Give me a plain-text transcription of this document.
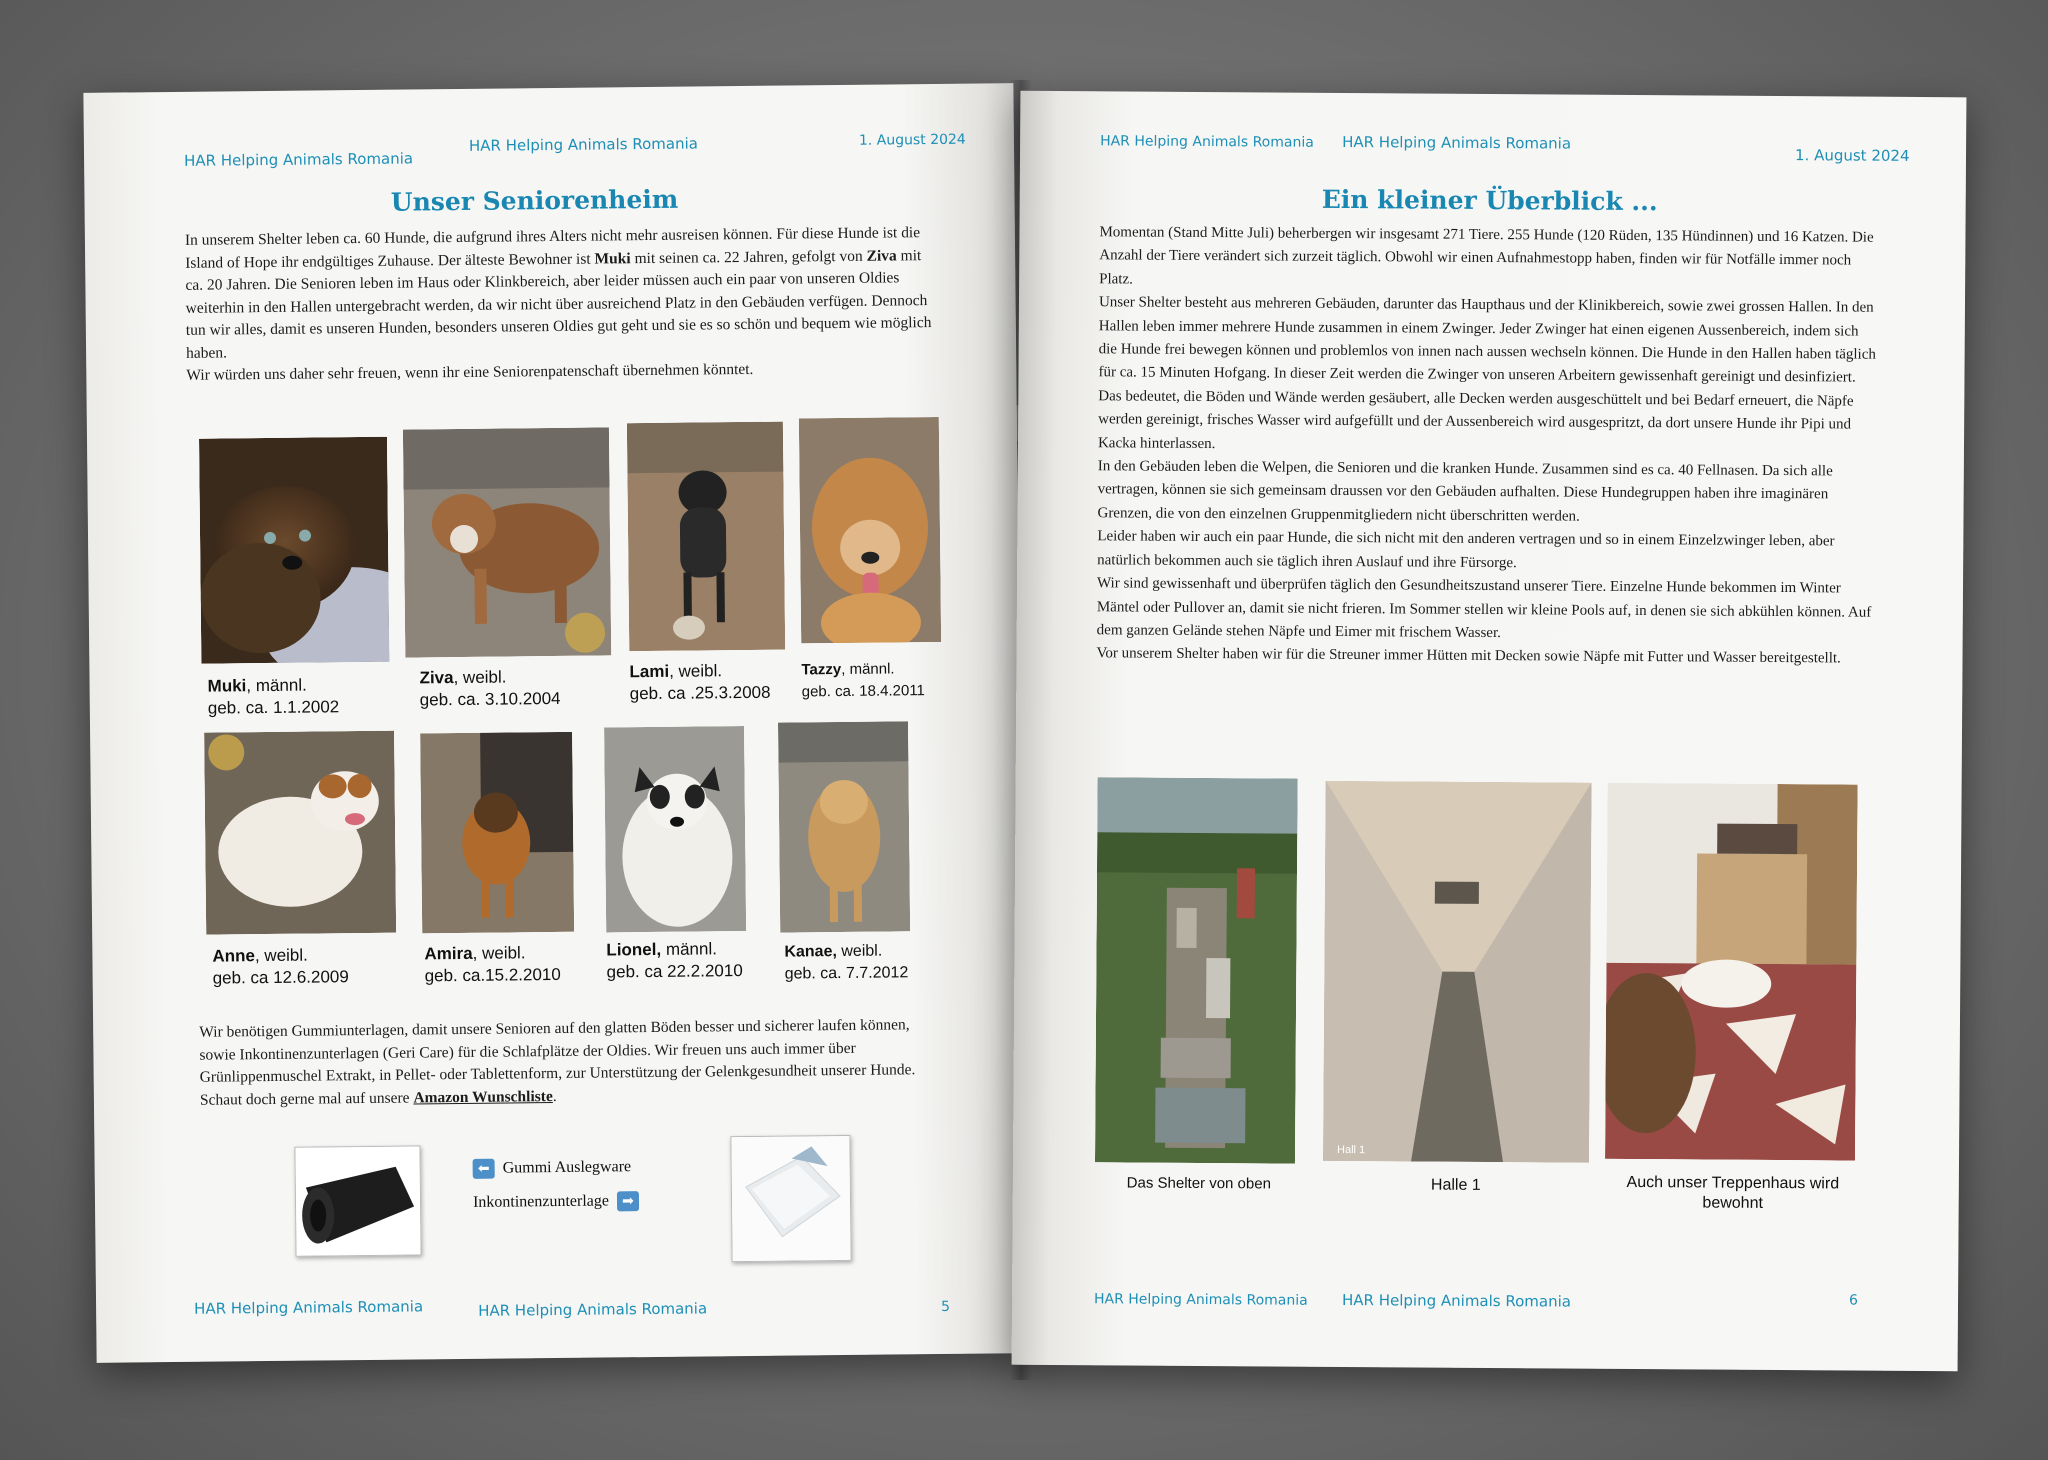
HAR Helping Animals Romania
HAR Helping Animals Romania	1. August 2024
Unser Seniorenheim

In unserem Shelter leben ca. 60 Hunde, die aufgrund ihres Alters nicht mehr ausreisen können. Für diese Hunde ist die Island of Hope ihr endgültiges Zuhause. Der älteste Bewohner ist Muki mit seinen ca. 22 Jahren, gefolgt von Ziva mit ca. 20 Jahren. Die Senioren leben im Haus oder Klinkbereich, aber leider müssen auch ein paar von unseren Oldies weiterhin in den Hallen untergebracht werden, da wir nicht über ausreichend Platz in den Gebäuden verfügen. Dennoch tun wir alles, damit es unseren Hunden, besonders unseren Oldies gut geht und sie es so schön und bequem wie möglich haben.

Wir würden uns daher sehr freuen, wenn ihr eine Seniorenpatenschaft übernehmen könntet.

Muki, männl.
geb. ca. 1.1.2002
Ziva, weibl.
geb. ca. 3.10.2004
Lami, weibl.
geb. ca .25.3.2008
Tazzy, männl.
geb. ca. 18.4.2011
Anne, weibl.
geb. ca 12.6.2009
Amira, weibl.
geb. ca.15.2.2010
Lionel, männl.
geb. ca 22.2.2010
Kanae, weibl.
geb. ca. 7.7.2012

Wir benötigen Gummiunterlagen, damit unsere Senioren auf den glatten Böden besser und sicherer laufen können, sowie Inkontinenzunterlagen (Geri Care) für die Schlafplätze der Oldies. Wir freuen uns auch immer über Grünlippenmuschel Extrakt, in Pellet- oder Tablettenform, zur Unterstützung der Gelenkgesundheit unserer Hunde. Schaut doch gerne mal auf unsere Amazon Wunschliste.

⬅ Gummi Auslegware
Inkontinenzunterlage ➡
HAR Helping Animals Romania	HAR Helping Animals Romania	5
HAR Helping Animals Romania HAR Helping Animals Romania
1. August 2024
Ein kleiner Überblick ...

Momentan (Stand Mitte Juli) beherbergen wir insgesamt 271 Tiere. 255 Hunde (120 Rüden, 135 Hündinnen) und 16 Katzen. Die Anzahl der Tiere verändert sich zurzeit täglich. Obwohl wir einen Aufnahmestopp haben, finden wir für Notfälle immer noch Platz.

Unser Shelter besteht aus mehreren Gebäuden, darunter das Haupthaus und der Klinikbereich, sowie zwei grossen Hallen. In den Hallen leben immer mehrere Hunde zusammen in einem Zwinger. Jeder Zwinger hat einen eigenen Aussenbereich, indem sich die Hunde frei bewegen können und problemlos von innen nach aussen wechseln können. Die Hunde in den Hallen haben täglich für ca. 15 Minuten Hofgang. In dieser Zeit werden die Zwinger von unseren Arbeitern gewissenhaft gereinigt und desinfiziert. Das bedeutet, die Böden und Wände werden gesäubert, alle Decken werden ausgeschüttelt und bei Bedarf erneuert, die Näpfe werden gereinigt, frisches Wasser wird aufgefüllt und der Aussenbereich wird ausgespritzt, da dort unsere Hunde ihr Pipi und Kacka hinterlassen.

In den Gebäuden leben die Welpen, die Senioren und die kranken Hunde. Zusammen sind es ca. 40 Fellnasen. Da sich alle vertragen, können sie sich gemeinsam draussen vor den Gebäuden aufhalten. Diese Hundegruppen haben ihre imaginären Grenzen, die von den einzelnen Gruppenmitgliedern nicht überschritten werden.

Leider haben wir auch ein paar Hunde, die sich nicht mit den anderen vertragen und so in einem Einzelzwinger leben, aber natürlich bekommen auch sie täglich ihren Auslauf und ihre Fürsorge.

Wir sind gewissenhaft und überprüfen täglich den Gesundheitszustand unserer Tiere. Einzelne Hunde bekommen im Winter Mäntel oder Pullover an, damit sie nicht frieren. Im Sommer stellen wir kleine Pools auf, in denen sie sich abkühlen können. Auf dem ganzen Gelände stehen Näpfe und Eimer mit frischem Wasser.

Vor unserem Shelter haben wir für die Streuner immer Hütten mit Decken sowie Näpfe mit Futter und Wasser bereitgestellt.

Hall 1
Das Shelter von oben	Halle 1	Auch unser Treppenhaus wird bewohnt
HAR Helping Animals Romania HAR Helping Animals Romania	6
